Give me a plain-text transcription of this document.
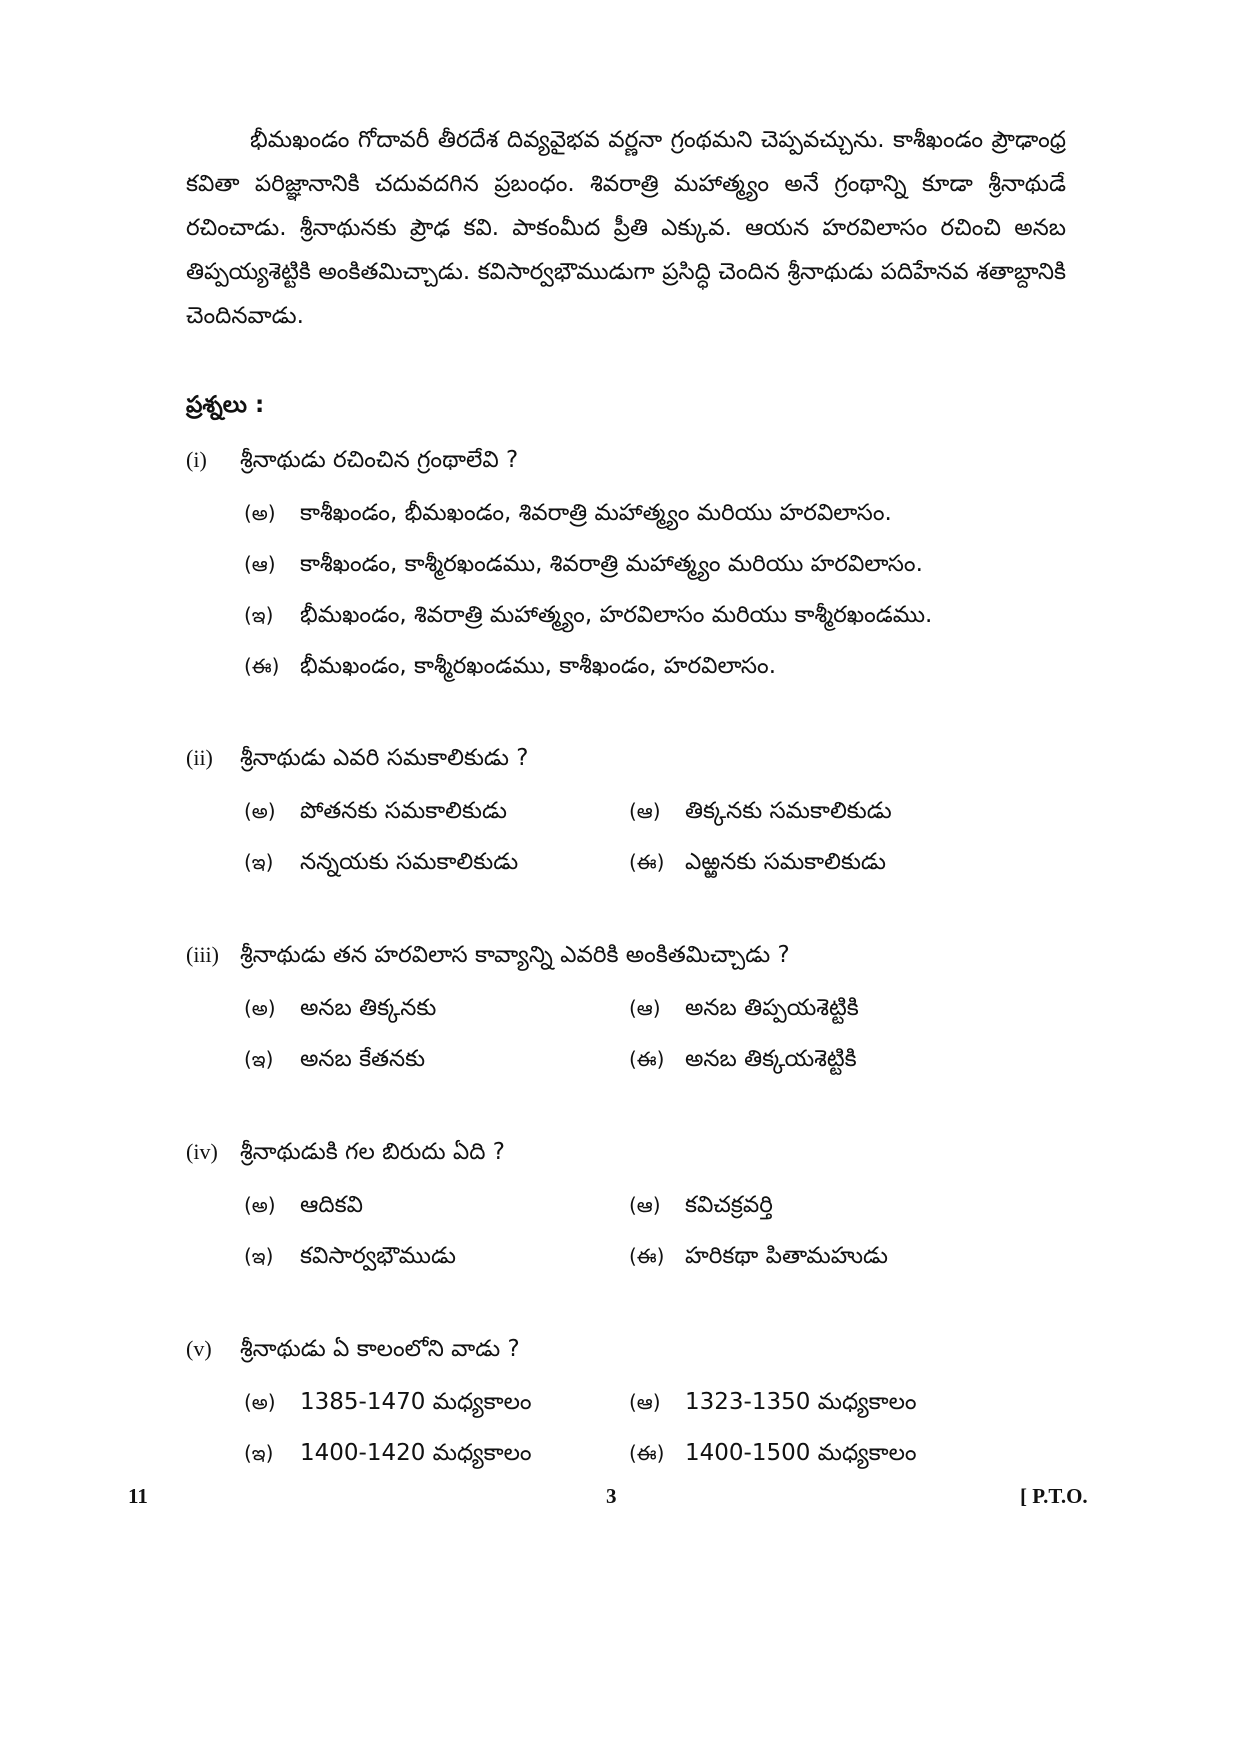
భీమఖండం గోదావరీ తీరదేశ దివ్యవైభవ వర్ణనా గ్రంథమని చెప్పవచ్చును. కాశీఖండం ప్రౌఢాంధ్ర కవితా పరిజ్ఞానానికి చదువదగిన ప్రబంధం. శివరాత్రి మహాత్మ్యం అనే గ్రంథాన్ని కూడా శ్రీనాథుడే రచించాడు. శ్రీనాథునకు ప్రౌఢ కవి. పాకంమీద ప్రీతి ఎక్కువ. ఆయన హరవిలాసం రచించి అనబ తిప్పయ్యశెట్టికి అంకితమిచ్చాడు. కవిసార్వభౌముడుగా ప్రసిద్ధి చెందిన శ్రీనాథుడు పదిహేనవ శతాబ్దానికి చెందినవాడు.

ప్రశ్నలు :

(i)	శ్రీనాథుడు రచించిన గ్రంథాలేవి ?
(అ) కాశీఖండం, భీమఖండం, శివరాత్రి మహాత్మ్యం మరియు హరవిలాసం.
(ఆ) కాశీఖండం, కాశ్మీరఖండము, శివరాత్రి మహాత్మ్యం మరియు హరవిలాసం.
(ఇ) భీమఖండం, శివరాత్రి మహాత్మ్యం, హరవిలాసం మరియు కాశ్మీరఖండము.
(ఈ) భీమఖండం, కాశ్మీరఖండము, కాశీఖండం, హరవిలాసం.
(ii)	శ్రీనాథుడు ఎవరి సమకాలికుడు ?
(అ) పోతనకు సమకాలికుడు	(ఆ) తిక్కనకు సమకాలికుడు
(ఇ) నన్నయకు సమకాలికుడు	(ఈ) ఎఱ్ఱనకు సమకాలికుడు
(iii) శ్రీనాథుడు తన హరవిలాస కావ్యాన్ని ఎవరికి అంకితమిచ్చాడు ?
(అ) అనబ తిక్కనకు	(ఆ) అనబ తిప్పయశెట్టికి
(ఇ) అనబ కేతనకు	(ఈ) అనబ తిక్కయశెట్టికి
(iv) శ్రీనాథుడుకి గల బిరుదు ఏది ?
(అ) ఆదికవి	(ఆ) కవిచక్రవర్తి
(ఇ) కవిసార్వభౌముడు	(ఈ) హరికథా పితామహుడు
(v)	శ్రీనాథుడు ఏ కాలంలోని వాడు ?
(అ) 1385-1470 మధ్యకాలం	(ఆ) 1323-1350 మధ్యకాలం
(ఇ) 1400-1420 మధ్యకాలం	(ఈ) 1400-1500 మధ్యకాలం
11	3	[ P.T.O.
